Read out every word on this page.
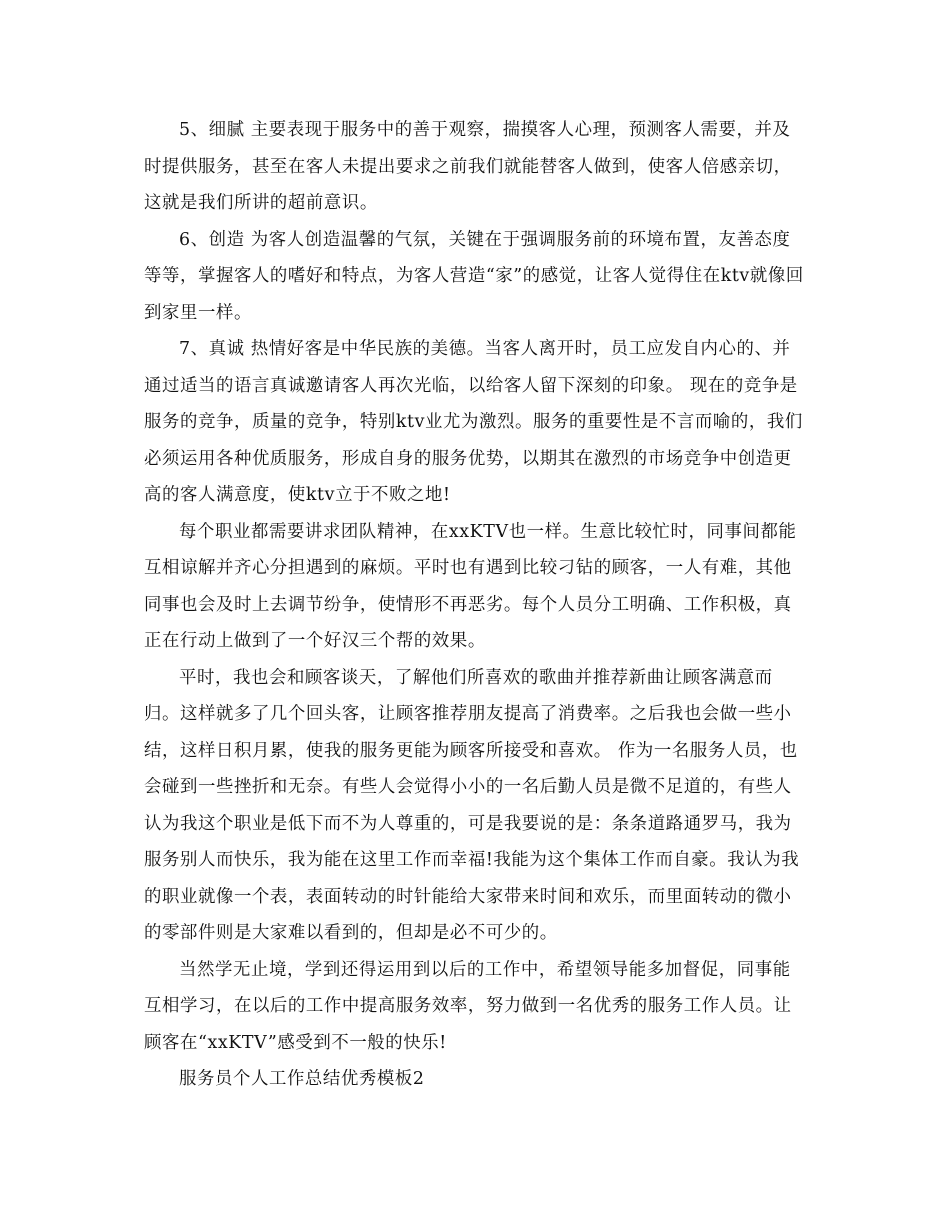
5、细腻 主要表现于服务中的善于观察，揣摸客人心理，预测客人需要，并及时提供服务，甚至在客人未提出要求之前我们就能替客人做到，使客人倍感亲切，这就是我们所讲的超前意识。

6、创造 为客人创造温馨的气氛，关键在于强调服务前的环境布置，友善态度等等，掌握客人的嗜好和特点，为客人营造“家”的感觉，让客人觉得住在ktv就像回到家里一样。

7、真诚 热情好客是中华民族的美德。当客人离开时，员工应发自内心的、并通过适当的语言真诚邀请客人再次光临，以给客人留下深刻的印象。 现在的竞争是服务的竞争，质量的竞争，特别ktv业尤为激烈。服务的重要性是不言而喻的，我们必须运用各种优质服务，形成自身的服务优势，以期其在激烈的市场竞争中创造更高的客人满意度，使ktv立于不败之地!

每个职业都需要讲求团队精神，在xxKTV也一样。生意比较忙时，同事间都能互相谅解并齐心分担遇到的麻烦。平时也有遇到比较刁钻的顾客，一人有难，其他同事也会及时上去调节纷争，使情形不再恶劣。每个人员分工明确、工作积极，真正在行动上做到了一个好汉三个帮的效果。

平时，我也会和顾客谈天，了解他们所喜欢的歌曲并推荐新曲让顾客满意而归。这样就多了几个回头客，让顾客推荐朋友提高了消费率。之后我也会做一些小结，这样日积月累，使我的服务更能为顾客所接受和喜欢。 作为一名服务人员，也会碰到一些挫折和无奈。有些人会觉得小小的一名后勤人员是微不足道的，有些人认为我这个职业是低下而不为人尊重的，可是我要说的是：条条道路通罗马，我为服务别人而快乐，我为能在这里工作而幸福!我能为这个集体工作而自豪。我认为我的职业就像一个表，表面转动的时针能给大家带来时间和欢乐，而里面转动的微小的零部件则是大家难以看到的，但却是必不可少的。

当然学无止境，学到还得运用到以后的工作中，希望领导能多加督促，同事能互相学习，在以后的工作中提高服务效率，努力做到一名优秀的服务工作人员。让顾客在“xxKTV”感受到不一般的快乐!

服务员个人工作总结优秀模板2
